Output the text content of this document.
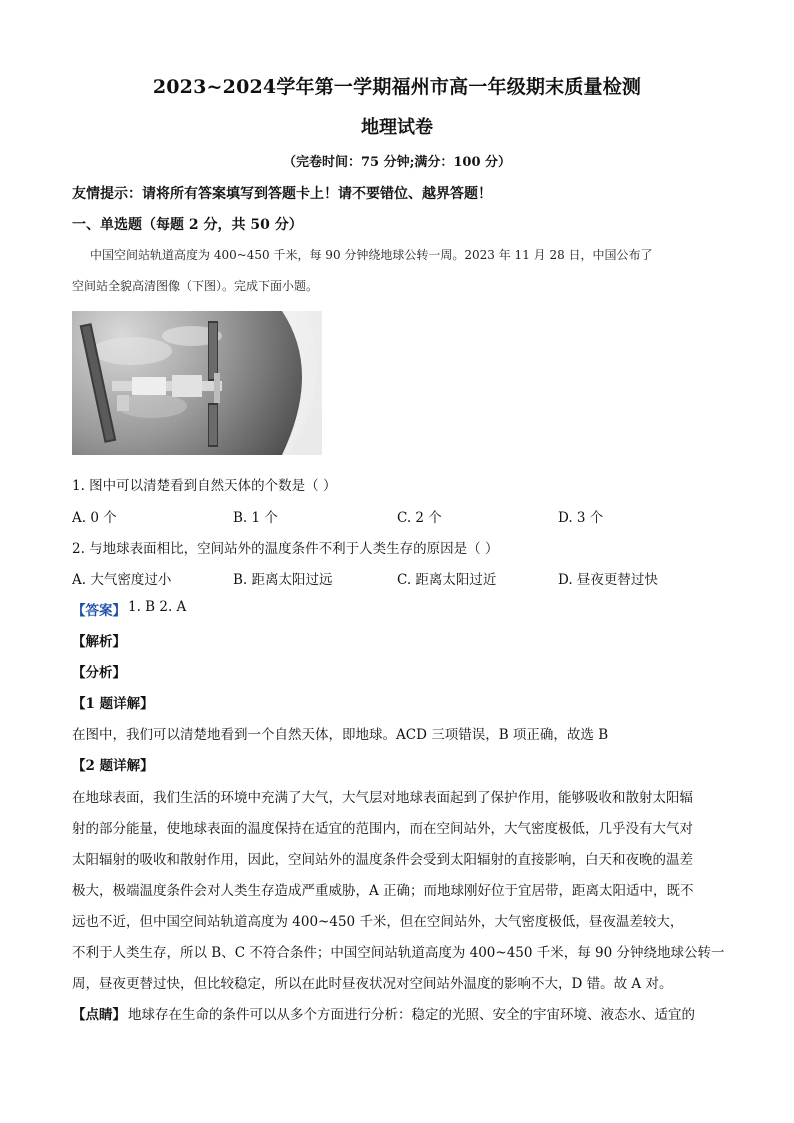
2023~2024学年第一学期福州市高一年级期末质量检测
地理试卷
（完卷时间：75 分钟;满分：100 分）
友情提示：请将所有答案填写到答题卡上！请不要错位、越界答题！
一、单选题（每题 2 分，共 50 分）
中国空间站轨道高度为 400~450 千米，每 90 分钟绕地球公转一周。2023 年 11 月 28 日，中国公布了
空间站全貌高清图像（下图）。完成下面小题。
1. 图中可以清楚看到自然天体的个数是（ ）
A. 0 个	B. 1 个	C. 2 个	D. 3 个
2. 与地球表面相比，空间站外的温度条件不利于人类生存的原因是（ ）
A. 大气密度过小	B. 距离太阳过远	C. 距离太阳过近	D. 昼夜更替过快
【答案】 1. B 2. A
【解析】
【分析】
【1 题详解】
在图中，我们可以清楚地看到一个自然天体，即地球。ACD 三项错误，B 项正确，故选 B
【2 题详解】
在地球表面，我们生活的环境中充满了大气，大气层对地球表面起到了保护作用，能够吸收和散射太阳辐
射的部分能量，使地球表面的温度保持在适宜的范围内，而在空间站外，大气密度极低，几乎没有大气对
太阳辐射的吸收和散射作用，因此，空间站外的温度条件会受到太阳辐射的直接影响，白天和夜晚的温差
极大，极端温度条件会对人类生存造成严重威胁，A 正确；而地球刚好位于宜居带，距离太阳适中，既不
远也不近，但中国空间站轨道高度为 400~450 千米，但在空间站外，大气密度极低，昼夜温差较大，
不利于人类生存，所以 B、C 不符合条件；中国空间站轨道高度为 400~450 千米，每 90 分钟绕地球公转一
周，昼夜更替过快，但比较稳定，所以在此时昼夜状况对空间站外温度的影响不大，D 错。故 A 对。
【点睛】 地球存在生命的条件可以从多个方面进行分析：稳定的光照、安全的宇宙环境、液态水、适宜的
